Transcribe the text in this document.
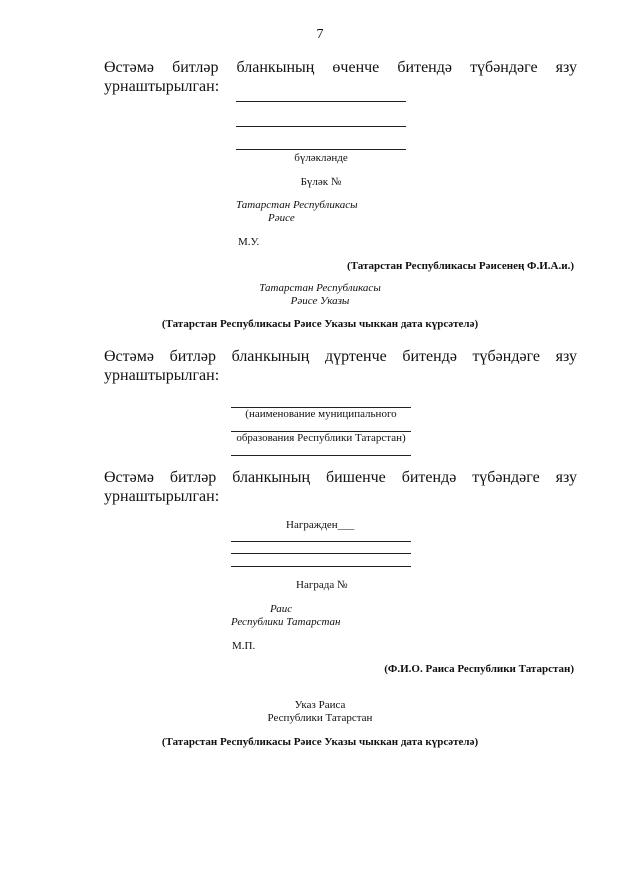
7
Өстәмә битләр бланкының өченче битендә түбәндәге язу
урнаштырылган:
бүләкләнде
Бүләк №
Татарстан Республикасы
Рәисе
М.У.
(Татарстан Республикасы Рәисенең Ф.И.А.и.)
Татарстан Республикасы
Рәисе Указы
(Татарстан Республикасы Рәисе Указы чыккан дата күрсәтелә)
Өстәмә битләр бланкының дүртенче битендә түбәндәге язу
урнаштырылган:
(наименование муниципального
образования Республики Татарстан)
Өстәмә битләр бланкының бишенче битендә түбәндәге язу
урнаштырылган:
Награжден___
Награда №
Раис
Республики Татарстан
М.П.
(Ф.И.О. Раиса Республики Татарстан)
Указ Раиса
Республики Татарстан
(Татарстан Республикасы Рәисе Указы чыккан дата күрсәтелә)
